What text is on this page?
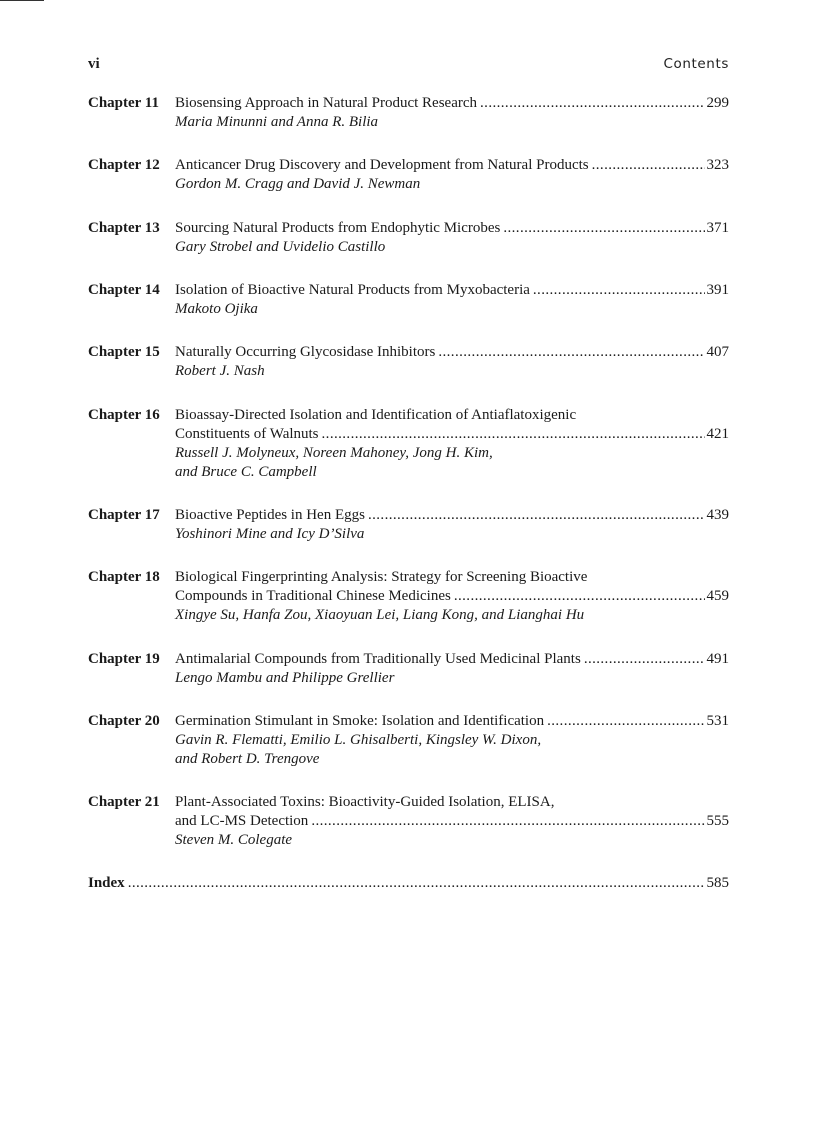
vi	Contents
Chapter 11 Biosensing Approach in Natural Product Research .....	299
Maria Minunni and Anna R. Bilia
Chapter 12 Anticancer Drug Discovery and Development from Natural Products .....	323
Gordon M. Cragg and David J. Newman
Chapter 13 Sourcing Natural Products from Endophytic Microbes .....	371
Gary Strobel and Uvidelio Castillo
Chapter 14 Isolation of Bioactive Natural Products from Myxobacteria .....	391
Makoto Ojika
Chapter 15 Naturally Occurring Glycosidase Inhibitors .....	407
Robert J. Nash
Chapter 16 Bioassay-Directed Isolation and Identification of Antiaflatoxigenic
Constituents of Walnuts .....	421
Russell J. Molyneux, Noreen Mahoney, Jong H. Kim,
and Bruce C. Campbell
Chapter 17 Bioactive Peptides in Hen Eggs .....	439
Yoshinori Mine and Icy D’Silva
Chapter 18 Biological Fingerprinting Analysis: Strategy for Screening Bioactive
Compounds in Traditional Chinese Medicines .....	459
Xingye Su, Hanfa Zou, Xiaoyuan Lei, Liang Kong, and Lianghai Hu
Chapter 19 Antimalarial Compounds from Traditionally Used Medicinal Plants .....	491
Lengo Mambu and Philippe Grellier
Chapter 20 Germination Stimulant in Smoke: Isolation and Identification .....	531
Gavin R. Flematti, Emilio L. Ghisalberti, Kingsley W. Dixon,
and Robert D. Trengove
Chapter 21 Plant-Associated Toxins: Bioactivity-Guided Isolation, ELISA,
and LC-MS Detection .....	555
Steven M. Colegate
Index .....	585
